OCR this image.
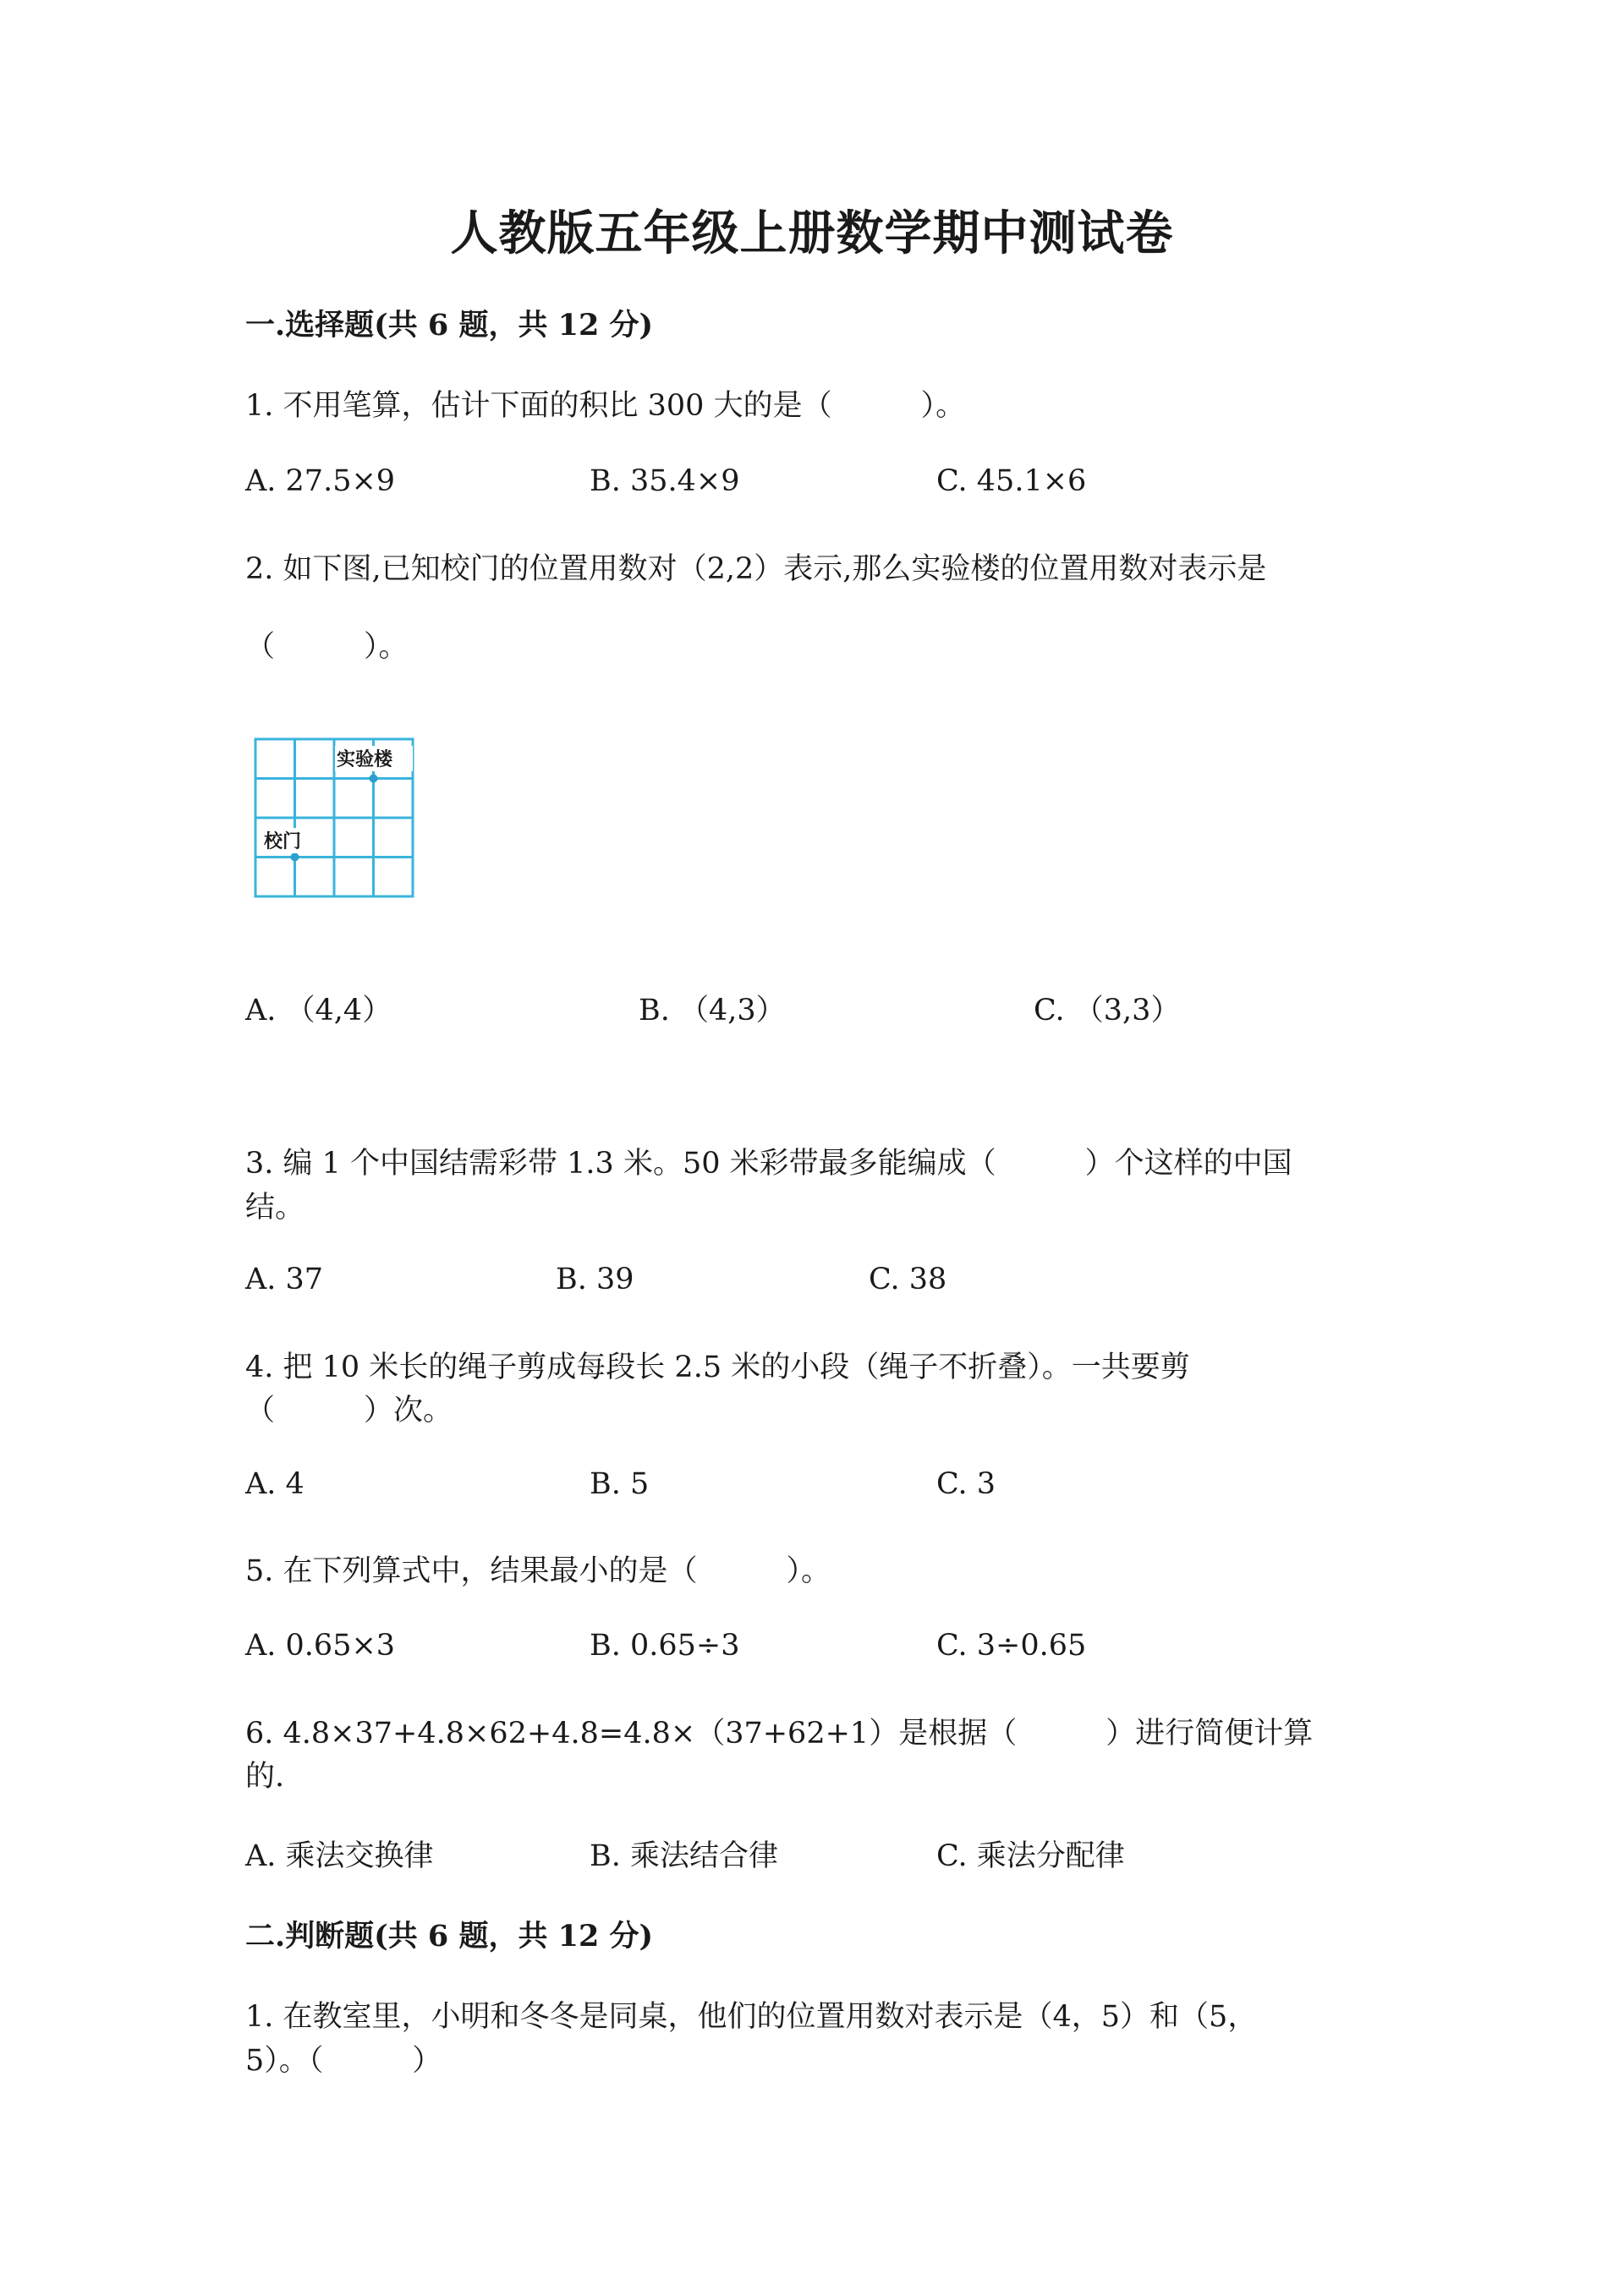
人教版五年级上册数学期中测试卷
一.选择题(共 6 题，共 12 分)
1. 不用笔算，估计下面的积比 300 大的是（　　　）。
A. 27.5×9	B. 35.4×9	C. 45.1×6
2. 如下图,已知校门的位置用数对（2,2）表示,那么实验楼的位置用数对表示是
（　　　）。
实验楼
校门
A. （4,4）	B. （4,3）	C. （3,3）
3. 编 1 个中国结需彩带 1.3 米。50 米彩带最多能编成（　　　）个这样的中国
结。
A. 37	B. 39	C. 38
4. 把 10 米长的绳子剪成每段长 2.5 米的小段（绳子不折叠）。一共要剪
（　　　）次。
A. 4	B. 5	C. 3
5. 在下列算式中，结果最小的是（　　　）。
A. 0.65×3	B. 0.65÷3	C. 3÷0.65
6. 4.8×37+4.8×62+4.8=4.8×（37+62+1）是根据（　　　）进行简便计算
的.
A. 乘法交换律	B. 乘法结合律	C. 乘法分配律
二.判断题(共 6 题，共 12 分)
1. 在教室里，小明和冬冬是同桌，他们的位置用数对表示是（4，5）和（5，
5）。（　　　）
